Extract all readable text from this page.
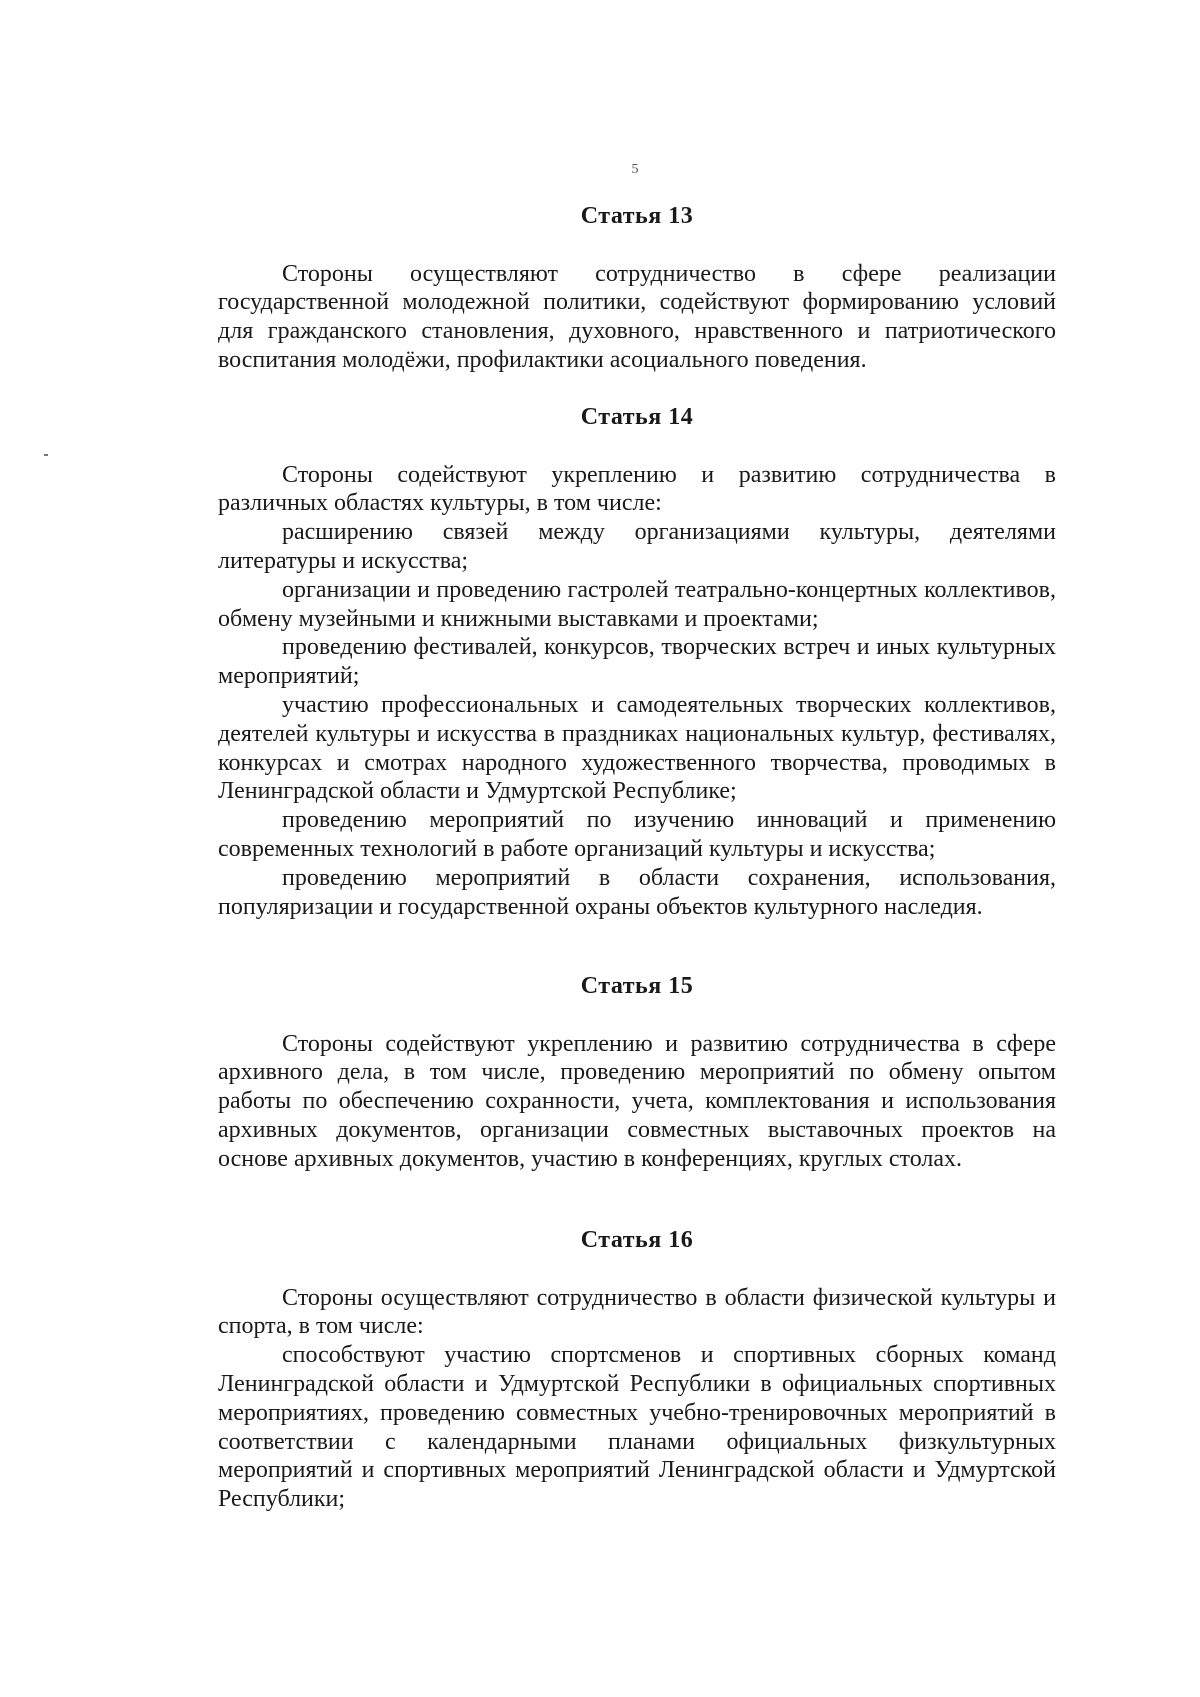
5
Статья 13

Стороны осуществляют сотрудничество в сфере реализации государственной молодежной политики, содействуют формированию условий для гражданского становления, духовного, нравственного и патриотического воспитания молодёжи, профилактики асоциального поведения.

Статья 14

Стороны содействуют укреплению и развитию сотрудничества в различных областях культуры, в том числе:

расширению связей между организациями культуры, деятелями литературы и искусства;

организации и проведению гастролей театрально-концертных коллективов, обмену музейными и книжными выставками и проектами;

проведению фестивалей, конкурсов, творческих встреч и иных культурных мероприятий;

участию профессиональных и самодеятельных творческих коллективов, деятелей культуры и искусства в праздниках национальных культур, фестивалях, конкурсах и смотрах народного художественного творчества, проводимых в Ленинградской области и Удмуртской Республике;

проведению мероприятий по изучению инноваций и применению современных технологий в работе организаций культуры и искусства;

проведению мероприятий в области сохранения, использования, популяризации и государственной охраны объектов культурного наследия.

Статья 15

Стороны содействуют укреплению и развитию сотрудничества в сфере архивного дела, в том числе, проведению мероприятий по обмену опытом работы по обеспечению сохранности, учета, комплектования и использования архивных документов, организации совместных выставочных проектов на основе архивных документов, участию в конференциях, круглых столах.

Статья 16

Стороны осуществляют сотрудничество в области физической культуры и спорта, в том числе:

способствуют участию спортсменов и спортивных сборных команд Ленинградской области и Удмуртской Республики в официальных спортивных мероприятиях, проведению совместных учебно-тренировочных мероприятий в соответствии с календарными планами официальных физкультурных мероприятий и спортивных мероприятий Ленинградской области и Удмуртской Республики;
